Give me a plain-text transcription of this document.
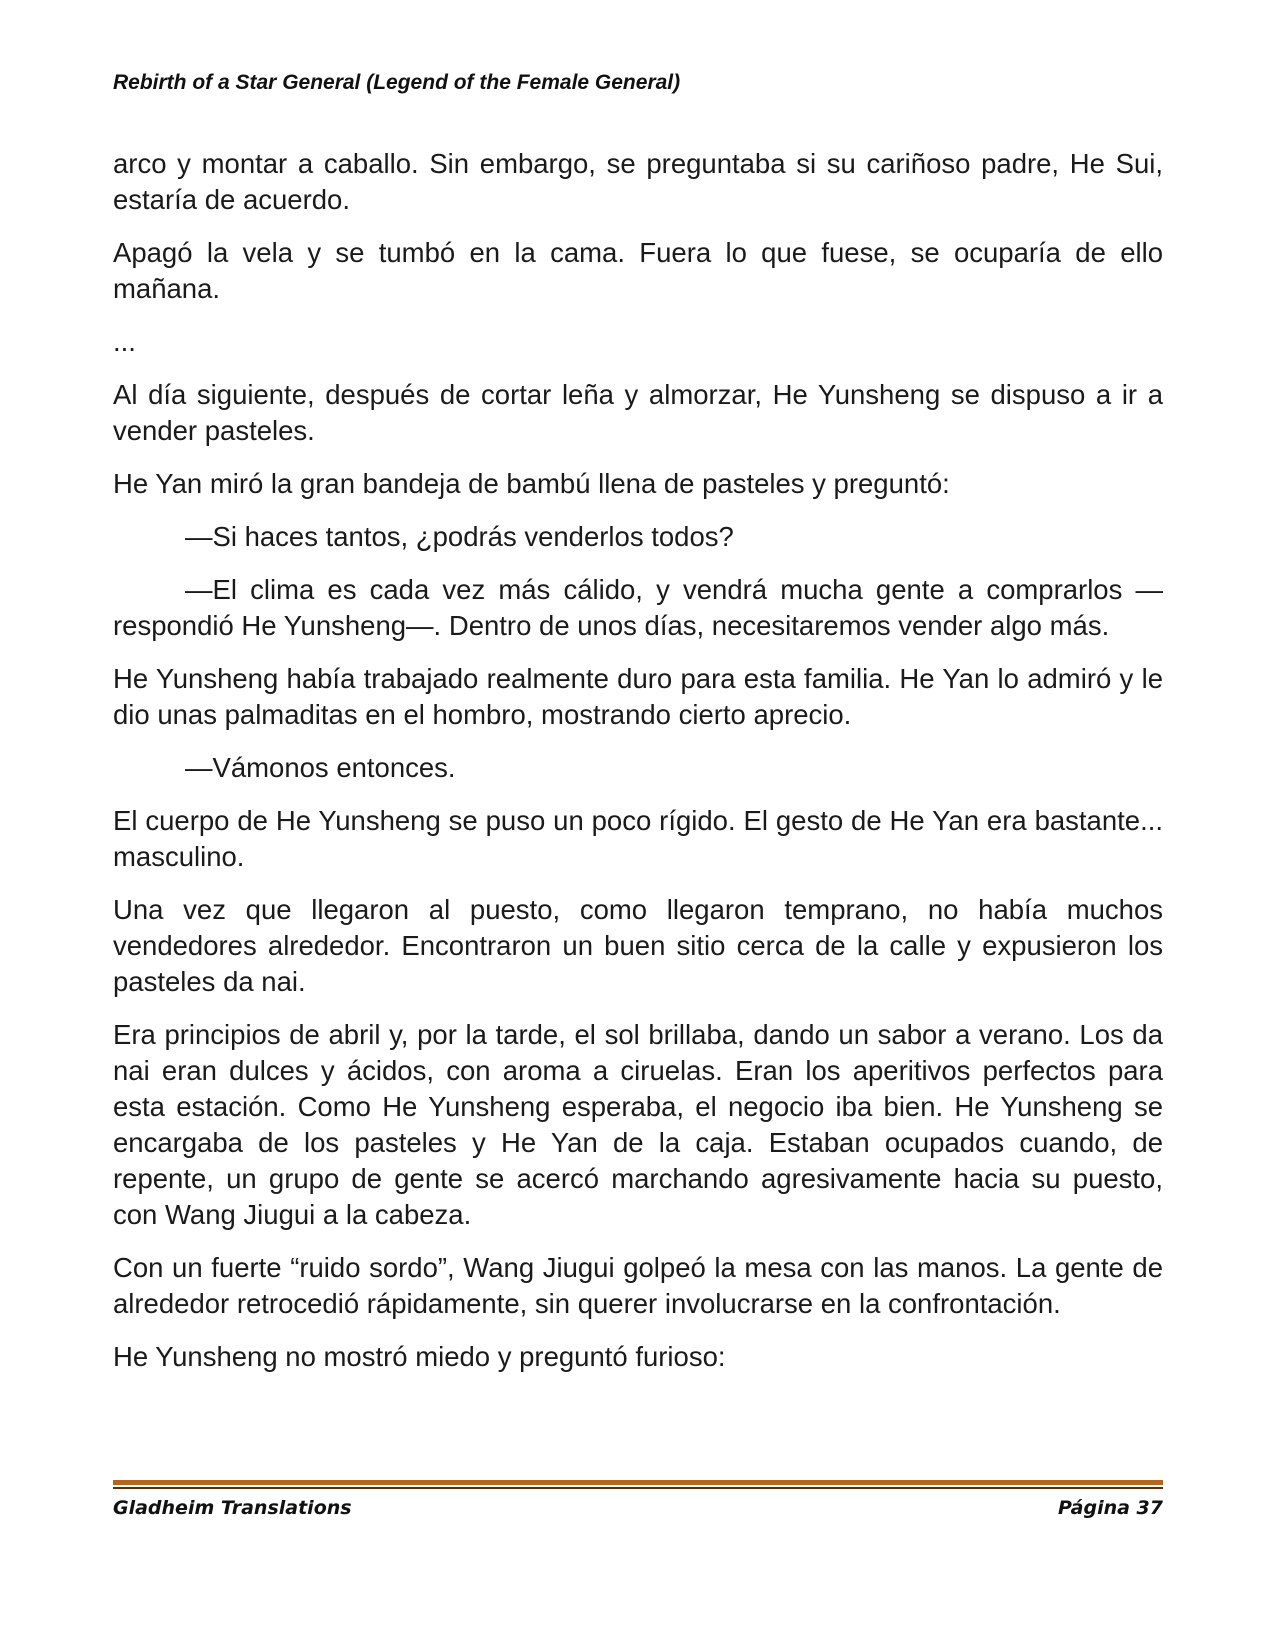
Rebirth of a Star General (Legend of the Female General)

arco y montar a caballo. Sin embargo, se preguntaba si su cariñoso padre, He Sui, estaría de acuerdo.

Apagó la vela y se tumbó en la cama. Fuera lo que fuese, se ocuparía de ello mañana.

...

Al día siguiente, después de cortar leña y almorzar, He Yunsheng se dispuso a ir a vender pasteles.

He Yan miró la gran bandeja de bambú llena de pasteles y preguntó:

—Si haces tantos, ¿podrás venderlos todos?

—El clima es cada vez más cálido, y vendrá mucha gente a comprarlos —respondió He Yunsheng—. Dentro de unos días, necesitaremos vender algo más.

He Yunsheng había trabajado realmente duro para esta familia. He Yan lo admiró y le dio unas palmaditas en el hombro, mostrando cierto aprecio.

—Vámonos entonces.

El cuerpo de He Yunsheng se puso un poco rígido. El gesto de He Yan era bastante... masculino.

Una vez que llegaron al puesto, como llegaron temprano, no había muchos vendedores alrededor. Encontraron un buen sitio cerca de la calle y expusieron los pasteles da nai.

Era principios de abril y, por la tarde, el sol brillaba, dando un sabor a verano. Los da nai eran dulces y ácidos, con aroma a ciruelas. Eran los aperitivos perfectos para esta estación. Como He Yunsheng esperaba, el negocio iba bien. He Yunsheng se encargaba de los pasteles y He Yan de la caja. Estaban ocupados cuando, de repente, un grupo de gente se acercó marchando agresivamente hacia su puesto, con Wang Jiugui a la cabeza.

Con un fuerte “ruido sordo”, Wang Jiugui golpeó la mesa con las manos. La gente de alrededor retrocedió rápidamente, sin querer involucrarse en la confrontación.

He Yunsheng no mostró miedo y preguntó furioso:

Gladheim Translations	Página 37
